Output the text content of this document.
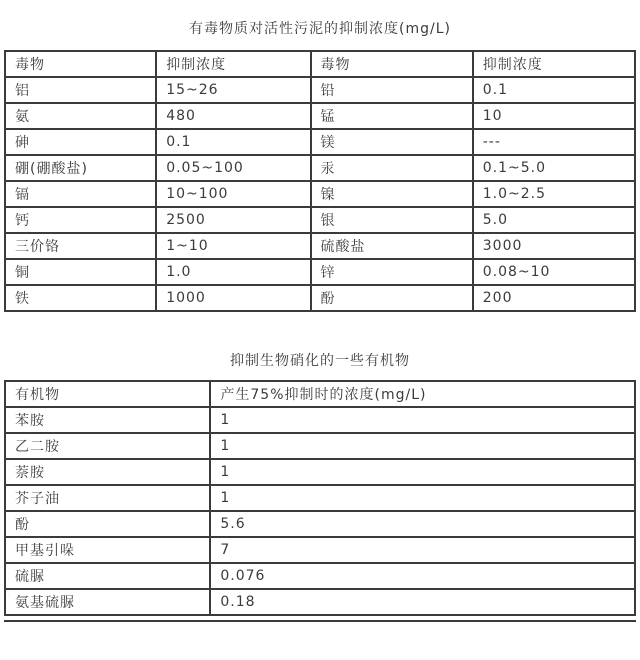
有毒物质对活性污泥的抑制浓度(mg/L)
毒物	抑制浓度	毒物	抑制浓度
铝	15~26	铅	0.1
氨	480	锰	10
砷	0.1	镁	---
硼(硼酸盐)	0.05~100	汞	0.1~5.0
镉	10~100	镍	1.0~2.5
钙	2500	银	5.0
三价铬	1~10	硫酸盐	3000
铜	1.0	锌	0.08~10
铁	1000	酚	200
抑制生物硝化的一些有机物
有机物	产生75%抑制时的浓度(mg/L)
苯胺	1
乙二胺	1
萘胺	1
芥子油	1
酚	5.6
甲基引哚	7
硫脲	0.076
氨基硫脲	0.18
